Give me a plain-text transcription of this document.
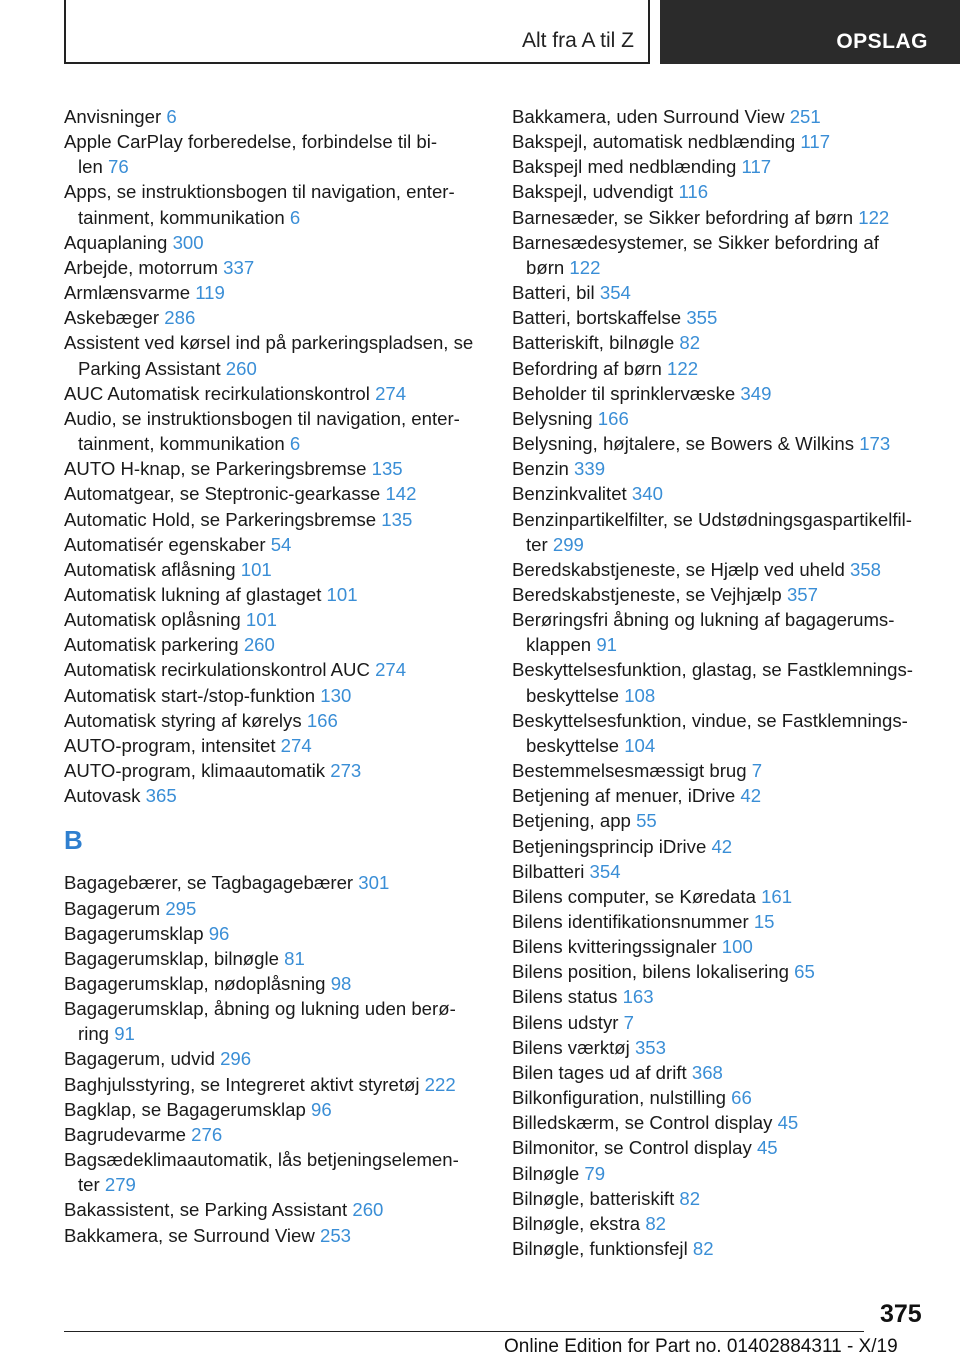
Alt fra A til Z	OPSLAG
Anvisninger 6
Apple CarPlay forberedelse, forbindelse til bi-
len 76
Apps, se instruktionsbogen til navigation, enter-
tainment, kommunikation 6
Aquaplaning 300
Arbejde, motorrum 337
Armlænsvarme 119
Askebæger 286
Assistent ved kørsel ind på parkeringspladsen, se
Parking Assistant 260
AUC Automatisk recirkulationskontrol 274
Audio, se instruktionsbogen til navigation, enter-
tainment, kommunikation 6
AUTO H-knap, se Parkeringsbremse 135
Automatgear, se Steptronic-gearkasse 142
Automatic Hold, se Parkeringsbremse 135
Automatisér egenskaber 54
Automatisk aflåsning 101
Automatisk lukning af glastaget 101
Automatisk oplåsning 101
Automatisk parkering 260
Automatisk recirkulationskontrol AUC 274
Automatisk start-/stop-funktion 130
Automatisk styring af kørelys 166
AUTO-program, intensitet 274
AUTO-program, klimaautomatik 273
Autovask 365
B
Bagagebærer, se Tagbagagebærer 301
Bagagerum 295
Bagagerumsklap 96
Bagagerumsklap, bilnøgle 81
Bagagerumsklap, nødoplåsning 98
Bagagerumsklap, åbning og lukning uden berø-
ring 91
Bagagerum, udvid 296
Baghjulsstyring, se Integreret aktivt styretøj 222
Bagklap, se Bagagerumsklap 96
Bagrudevarme 276
Bagsædeklimaautomatik, lås betjeningselemen-
ter 279
Bakassistent, se Parking Assistant 260
Bakkamera, se Surround View 253
Bakkamera, uden Surround View 251
Bakspejl, automatisk nedblænding 117
Bakspejl med nedblænding 117
Bakspejl, udvendigt 116
Barnesæder, se Sikker befordring af børn 122
Barnesædesystemer, se Sikker befordring af
børn 122
Batteri, bil 354
Batteri, bortskaffelse 355
Batteriskift, bilnøgle 82
Befordring af børn 122
Beholder til sprinklervæske 349
Belysning 166
Belysning, højtalere, se Bowers & Wilkins 173
Benzin 339
Benzinkvalitet 340
Benzinpartikelfilter, se Udstødningsgaspartikelfil-
ter 299
Beredskabstjeneste, se Hjælp ved uheld 358
Beredskabstjeneste, se Vejhjælp 357
Berøringsfri åbning og lukning af bagagerums-
klappen 91
Beskyttelsesfunktion, glastag, se Fastklemnings-
beskyttelse 108
Beskyttelsesfunktion, vindue, se Fastklemnings-
beskyttelse 104
Bestemmelsesmæssigt brug 7
Betjening af menuer, iDrive 42
Betjening, app 55
Betjeningsprincip iDrive 42
Bilbatteri 354
Bilens computer, se Køredata 161
Bilens identifikationsnummer 15
Bilens kvitteringssignaler 100
Bilens position, bilens lokalisering 65
Bilens status 163
Bilens udstyr 7
Bilens værktøj 353
Bilen tages ud af drift 368
Bilkonfiguration, nulstilling 66
Billedskærm, se Control display 45
Bilmonitor, se Control display 45
Bilnøgle 79
Bilnøgle, batteriskift 82
Bilnøgle, ekstra 82
Bilnøgle, funktionsfejl 82
375
Online Edition for Part no. 01402884311 - X/19
